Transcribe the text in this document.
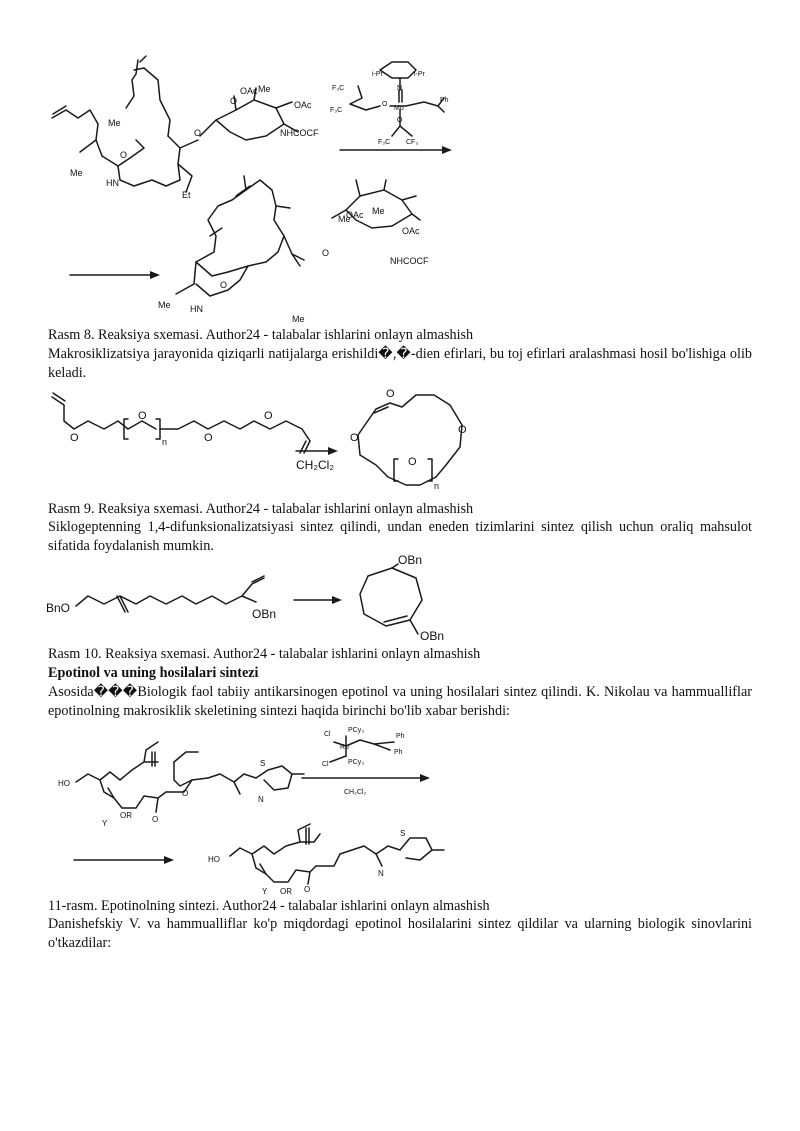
Me
Me
HN
O
Et
O
OAc Me
OAc
NHCOCF
O
i-Pr	i-Pr
N
F₃C
F₃C
O
Mo
Ph
O
F₃C CF₃
Me
Me
HN
O
Me
O
OAc Me
OAc
NHCOCF
Rasm 8. Reaksiya sxemasi. Author24 - talabalar ishlarini onlayn almashish
Makrosiklizatsiya jarayonida qiziqarli natijalarga erishildi�,�-dien efirlari, bu toj efirlari aralashmasi hosil bo'lishiga olib keladi.
O
O
O
O
n
O
O
O
O
n
CH₂Cl₂
Rasm 9. Reaksiya sxemasi. Author24 - talabalar ishlarini onlayn almashish
Siklogeptenning 1,4-difunksionalizatsiyasi sintez qilindi, undan eneden tizimlarini sintez qilish uchun oraliq mahsulot sifatida foydalanish mumkin.
BnO	OBn
OBn
OBn
Rasm 10. Reaksiya sxemasi. Author24 - talabalar ishlarini onlayn almashish
Epotinol va uning hosilalari sintezi
Asosida���Biologik faol tabiiy antikarsinogen epotinol va uning hosilalari sintez qilindi. K. Nikolau va hammualliflar epotinolning makrosiklik skeletining sintezi haqida birinchi bo'lib xabar berishdi:
HO
OR
Y	O
O
S
N
Cl
Cl
PCy₃
PCy₃
Ru
Ph
Ph
HO
OR
Y	O
S
N
CH₂Cl₂
11-rasm. Epotinolning sintezi. Author24 - talabalar ishlarini onlayn almashish
Danishefskiy V. va hammualliflar ko'p miqdordagi epotinol hosilalarini sintez qildilar va ularning biologik sinovlarini o'tkazdilar:
